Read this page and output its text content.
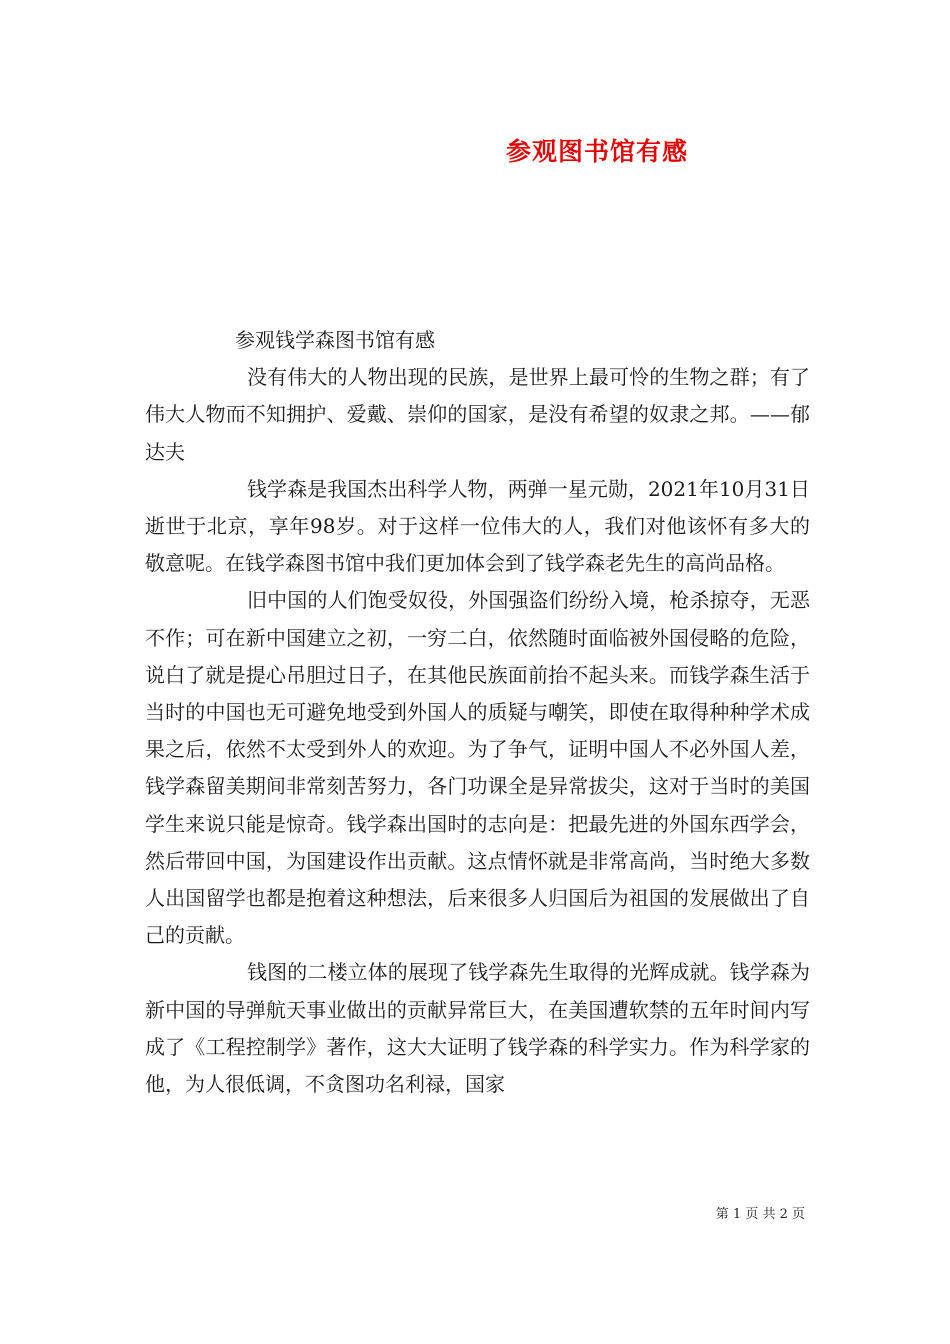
参观图书馆有感

参观钱学森图书馆有感

没有伟大的人物出现的民族，是世界上最可怜的生物之群；有了伟大人物而不知拥护、爱戴、崇仰的国家，是没有希望的奴隶之邦。——郁达夫

钱学森是我国杰出科学人物，两弹一星元勋，2021年10月31日逝世于北京，享年98岁。对于这样一位伟大的人，我们对他该怀有多大的敬意呢。在钱学森图书馆中我们更加体会到了钱学森老先生的高尚品格。

旧中国的人们饱受奴役，外国强盗们纷纷入境，枪杀掠夺，无恶不作；可在新中国建立之初，一穷二白，依然随时面临被外国侵略的危险，说白了就是提心吊胆过日子，在其他民族面前抬不起头来。而钱学森生活于当时的中国也无可避免地受到外国人的质疑与嘲笑，即使在取得种种学术成果之后，依然不太受到外人的欢迎。为了争气，证明中国人不必外国人差，钱学森留美期间非常刻苦努力，各门功课全是异常拔尖，这对于当时的美国学生来说只能是惊奇。钱学森出国时的志向是：把最先进的外国东西学会，然后带回中国，为国建设作出贡献。这点情怀就是非常高尚，当时绝大多数人出国留学也都是抱着这种想法，后来很多人归国后为祖国的发展做出了自己的贡献。

钱图的二楼立体的展现了钱学森先生取得的光辉成就。钱学森为新中国的导弹航天事业做出的贡献异常巨大，在美国遭软禁的五年时间内写成了《工程控制学》著作，这大大证明了钱学森的科学实力。作为科学家的他，为人很低调，不贪图功名利禄，国家

第 1 页 共 2 页
